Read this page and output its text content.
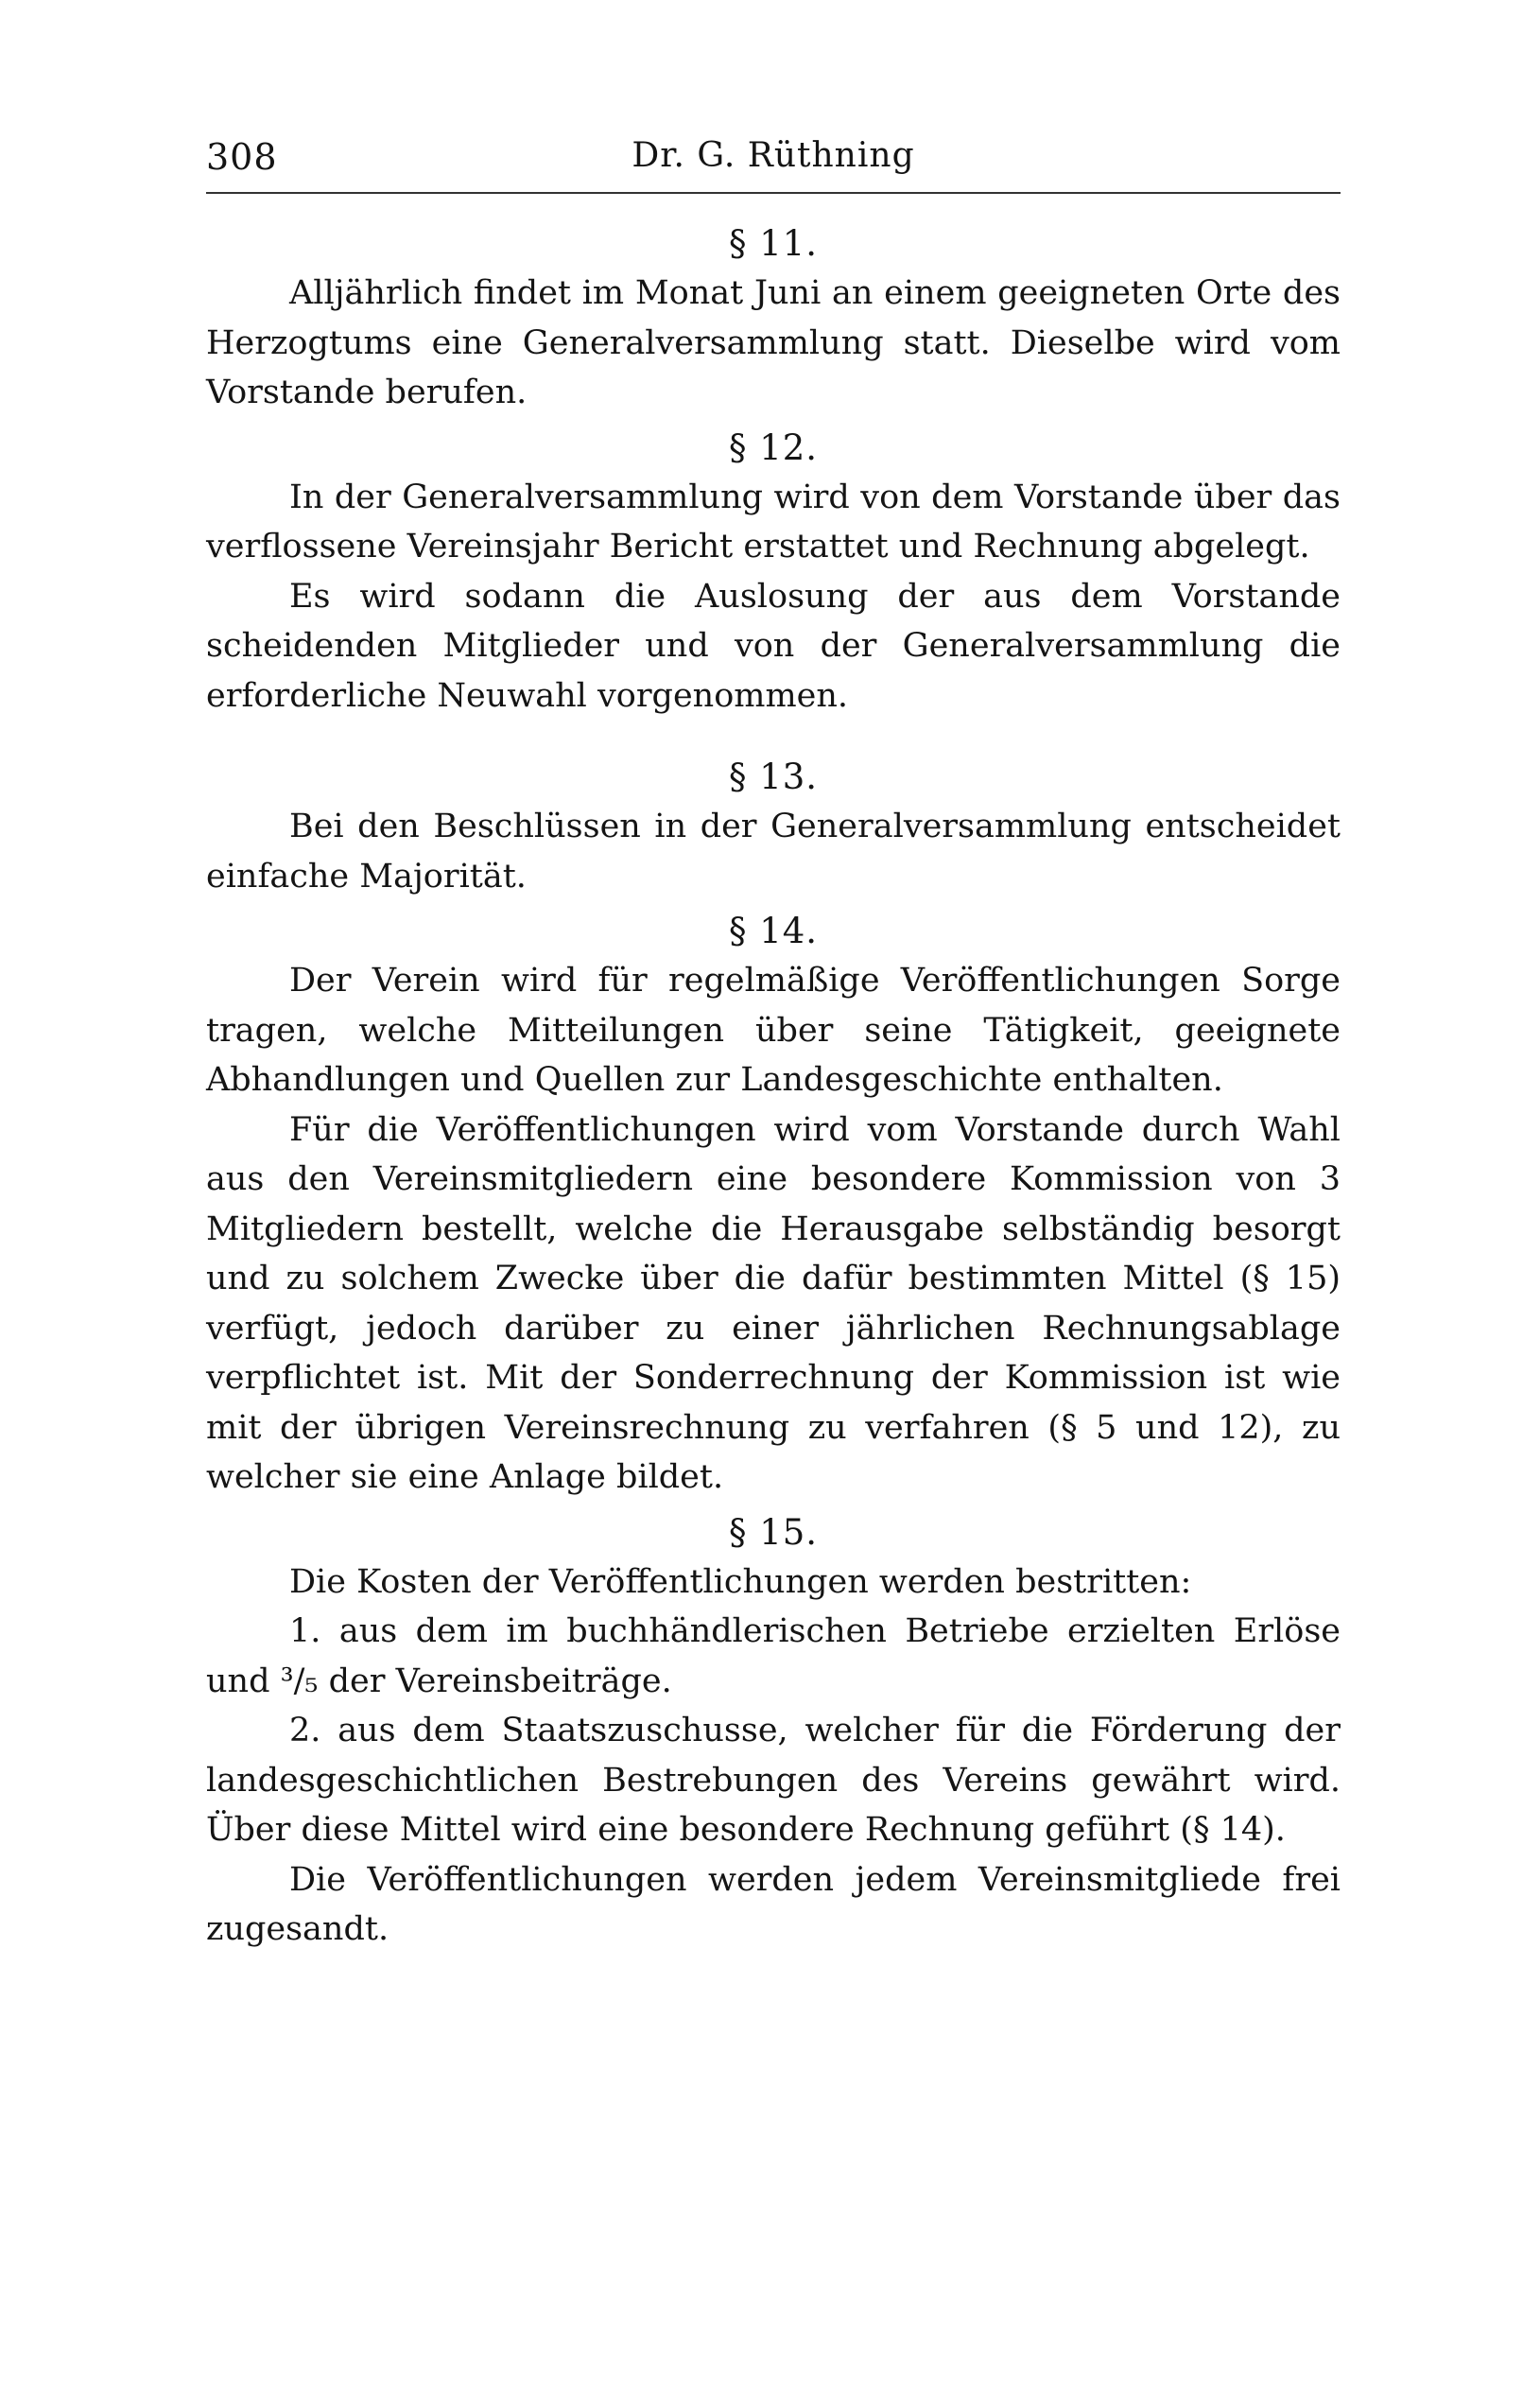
Dr. G. Rüthning
308
§ 11.
Alljährlich findet im Monat Juni an einem geeigneten Orte des Herzogtums eine Generalversammlung statt. Dieselbe wird vom Vorstande berufen.
§ 12.
In der Generalversammlung wird von dem Vorstande über das verflossene Vereinsjahr Bericht erstattet und Rechnung abgelegt.
Es wird sodann die Auslosung der aus dem Vorstande scheidenden Mitglieder und von der Generalversammlung die erforderliche Neuwahl vorgenommen.
§ 13.
Bei den Beschlüssen in der Generalversammlung entscheidet einfache Majorität.
§ 14.
Der Verein wird für regelmäßige Veröffentlichungen Sorge tragen, welche Mitteilungen über seine Tätigkeit, geeignete Abhandlungen und Quellen zur Landesgeschichte enthalten.
Für die Veröffentlichungen wird vom Vorstande durch Wahl aus den Vereinsmitgliedern eine besondere Kommission von 3 Mitgliedern bestellt, welche die Herausgabe selbständig besorgt und zu solchem Zwecke über die dafür bestimmten Mittel (§ 15) verfügt, jedoch darüber zu einer jährlichen Rechnungsablage verpflichtet ist. Mit der Sonderrechnung der Kommission ist wie mit der übrigen Vereinsrechnung zu verfahren (§ 5 und 12), zu welcher sie eine Anlage bildet.
§ 15.
Die Kosten der Veröffentlichungen werden bestritten:
1. aus dem im buchhändlerischen Betriebe erzielten Erlöse und ³/₅ der Vereinsbeiträge.
2. aus dem Staatszuschusse, welcher für die Förderung der landesgeschichtlichen Bestrebungen des Vereins gewährt wird. Über diese Mittel wird eine besondere Rechnung geführt (§ 14).
Die Veröffentlichungen werden jedem Vereinsmitgliede frei zugesandt.
